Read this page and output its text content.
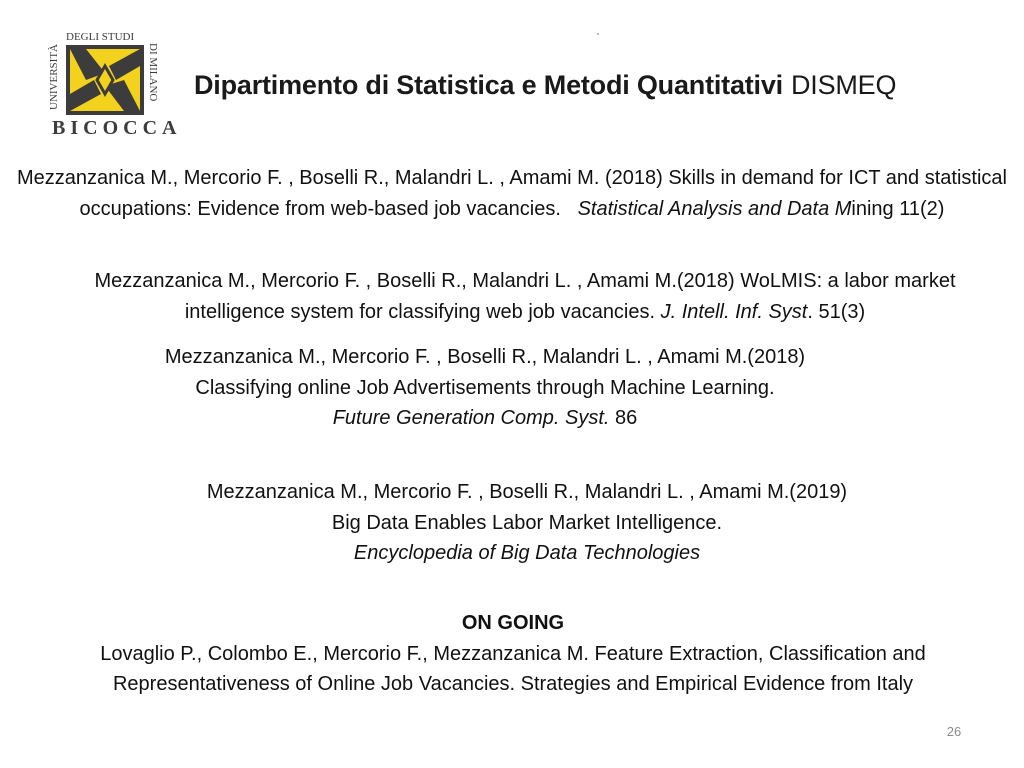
UNIVERSITÀ
DEGLI STUDI
DI MILANO
BICOCCA
Dipartimento di Statistica e Metodi Quantitativi DISMEQ
Mezzanzanica M., Mercorio F. , Boselli R., Malandri L. , Amami M. (2018) Skills in demand for ICT and statistical occupations: Evidence from web-based job vacancies. Statistical Analysis and Data Mining 11(2)
Mezzanzanica M., Mercorio F. , Boselli R., Malandri L. , Amami M.(2018) WoLMIS: a labor market intelligence system for classifying web job vacancies. J. Intell. Inf. Syst. 51(3)
Mezzanzanica M., Mercorio F. , Boselli R., Malandri L. , Amami M.(2018)
Classifying online Job Advertisements through Machine Learning.
Future Generation Comp. Syst. 86
Mezzanzanica M., Mercorio F. , Boselli R., Malandri L. , Amami M.(2019)
Big Data Enables Labor Market Intelligence.
Encyclopedia of Big Data Technologies
ON GOING
Lovaglio P., Colombo E., Mercorio F., Mezzanzanica M. Feature Extraction, Classification and Representativeness of Online Job Vacancies. Strategies and Empirical Evidence from Italy
26
